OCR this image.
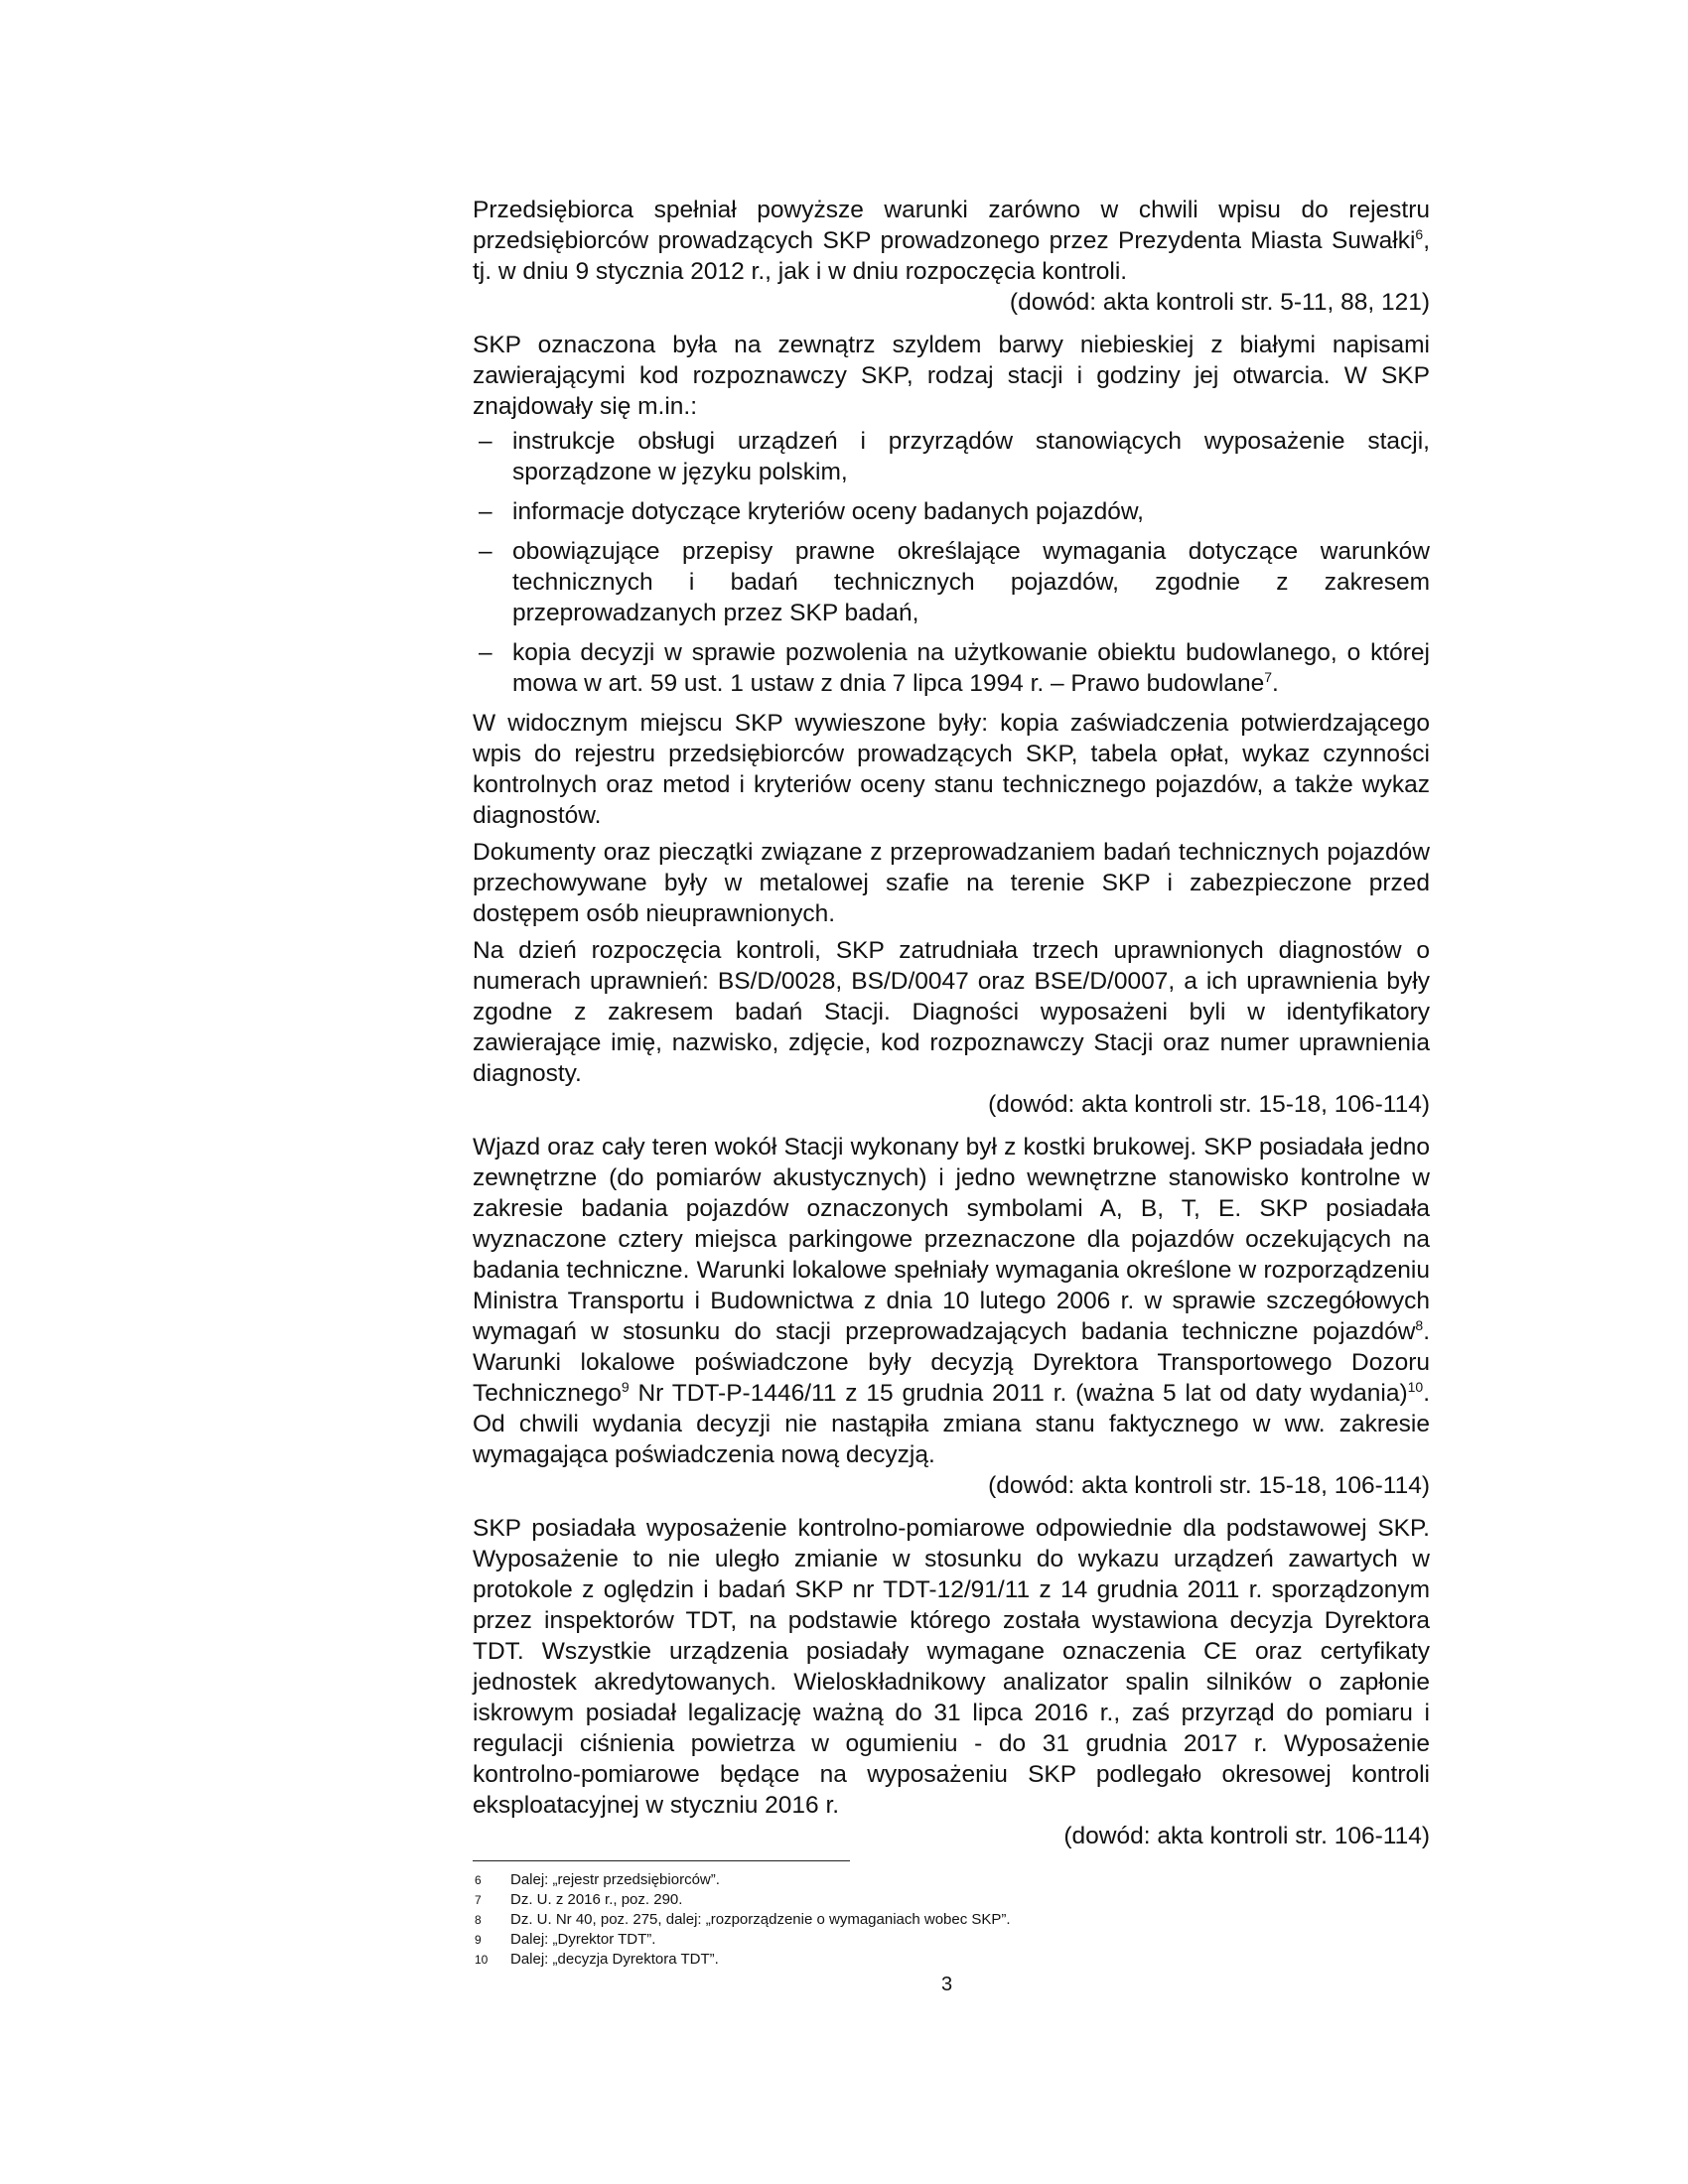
Przedsiębiorca spełniał powyższe warunki zarówno w chwili wpisu do rejestru przedsiębiorców prowadzących SKP prowadzonego przez Prezydenta Miasta Suwałki$^6$, tj. w dniu 9 stycznia 2012 r., jak i w dniu rozpoczęcia kontroli.

(dowód: akta kontroli str. 5-11, 88, 121)

SKP oznaczona była na zewnątrz szyldem barwy niebieskiej z białymi napisami zawierającymi kod rozpoznawczy SKP, rodzaj stacji i godziny jej otwarcia. W SKP znajdowały się m.in.:

– instrukcje obsługi urządzeń i przyrządów stanowiących wyposażenie stacji, sporządzone w języku polskim,
– informacje dotyczące kryteriów oceny badanych pojazdów,
– obowiązujące przepisy prawne określające wymagania dotyczące warunków technicznych i badań technicznych pojazdów, zgodnie z zakresem przeprowadzanych przez SKP badań,
– kopia decyzji w sprawie pozwolenia na użytkowanie obiektu budowlanego, o której mowa w art. 59 ust. 1 ustaw z dnia 7 lipca 1994 r. – Prawo budowlane$^7$.

W widocznym miejscu SKP wywieszone były: kopia zaświadczenia potwierdzającego wpis do rejestru przedsiębiorców prowadzących SKP, tabela opłat, wykaz czynności kontrolnych oraz metod i kryteriów oceny stanu technicznego pojazdów, a także wykaz diagnostów.

Dokumenty oraz pieczątki związane z przeprowadzaniem badań technicznych pojazdów przechowywane były w metalowej szafie na terenie SKP i zabezpieczone przed dostępem osób nieuprawnionych.

Na dzień rozpoczęcia kontroli, SKP zatrudniała trzech uprawnionych diagnostów o numerach uprawnień: BS/D/0028, BS/D/0047 oraz BSE/D/0007, a ich uprawnienia były zgodne z zakresem badań Stacji. Diagności wyposażeni byli w identyfikatory zawierające imię, nazwisko, zdjęcie, kod rozpoznawczy Stacji oraz numer uprawnienia diagnosty.

(dowód: akta kontroli str. 15-18, 106-114)

Wjazd oraz cały teren wokół Stacji wykonany był z kostki brukowej. SKP posiadała jedno zewnętrzne (do pomiarów akustycznych) i jedno wewnętrzne stanowisko kontrolne w zakresie badania pojazdów oznaczonych symbolami A, B, T, E. SKP posiadała wyznaczone cztery miejsca parkingowe przeznaczone dla pojazdów oczekujących na badania techniczne. Warunki lokalowe spełniały wymagania określone w rozporządzeniu Ministra Transportu i Budownictwa z dnia 10 lutego 2006 r. w sprawie szczegółowych wymagań w stosunku do stacji przeprowadzających badania techniczne pojazdów$^8$. Warunki lokalowe poświadczone były decyzją Dyrektora Transportowego Dozoru Technicznego$^9$ Nr TDT-P-1446/11 z 15 grudnia 2011 r. (ważna 5 lat od daty wydania)$^{10}$. Od chwili wydania decyzji nie nastąpiła zmiana stanu faktycznego w ww. zakresie wymagająca poświadczenia nową decyzją.

(dowód: akta kontroli str. 15-18, 106-114)

SKP posiadała wyposażenie kontrolno-pomiarowe odpowiednie dla podstawowej SKP. Wyposażenie to nie uległo zmianie w stosunku do wykazu urządzeń zawartych w protokole z oględzin i badań SKP nr TDT-12/91/11 z 14 grudnia 2011 r. sporządzonym przez inspektorów TDT, na podstawie którego została wystawiona decyzja Dyrektora TDT. Wszystkie urządzenia posiadały wymagane oznaczenia CE oraz certyfikaty jednostek akredytowanych. Wieloskładnikowy analizator spalin silników o zapłonie iskrowym posiadał legalizację ważną do 31 lipca 2016 r., zaś przyrząd do pomiaru i regulacji ciśnienia powietrza w ogumieniu - do 31 grudnia 2017 r. Wyposażenie kontrolno-pomiarowe będące na wyposażeniu SKP podlegało okresowej kontroli eksploatacyjnej w styczniu 2016 r.

(dowód: akta kontroli str. 106-114)

6	Dalej: „rejestr przedsiębiorców”.
7	Dz. U. z 2016 r., poz. 290.
8	Dz. U. Nr 40, poz. 275, dalej: „rozporządzenie o wymaganiach wobec SKP”.
9	Dalej: „Dyrektor TDT”.
10	Dalej: „decyzja Dyrektora TDT”.
3
